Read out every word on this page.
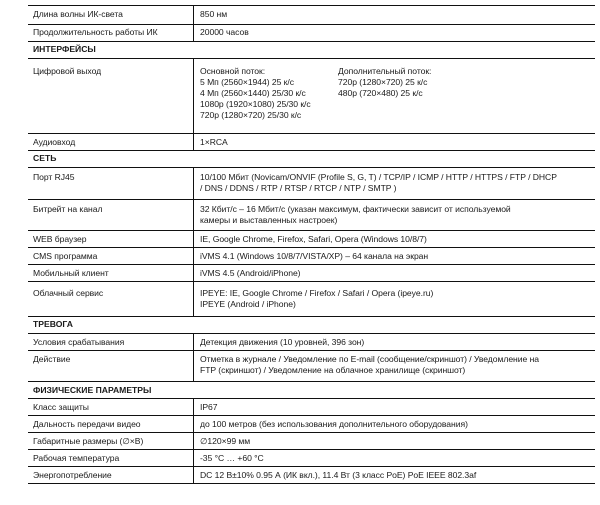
Длина волны ИК-света	850 нм
Продолжительность работы ИК	20000 часов
ИНТЕРФЕЙСЫ
Цифровой выход	Основной поток:
5 Мп (2560×1944) 25 к/с
4 Мп (2560×1440) 25/30 к/с
1080p (1920×1080) 25/30 к/с
720p (1280×720) 25/30 к/с
Дополнительный поток:
720p (1280×720) 25 к/с
480p (720×480) 25 к/с
Аудиовход	1×RCA
СЕТЬ
Порт RJ45	10/100 Мбит (Novicam/ONVIF (Profile S, G, T) / TCP/IP / ICMP / HTTP / HTTPS / FTP / DHCP
/ DNS / DDNS / RTP / RTSP / RTCP / NTP / SMTP )
Битрейт на канал	32 Кбит/с – 16 Мбит/с (указан максимум, фактически зависит от используемой
камеры и выставленных настроек)
WEB браузер	IE, Google Chrome, Firefox, Safari, Opera (Windows 10/8/7)
CMS программа	iVMS 4.1 (Windows 10/8/7/VISTA/XP) – 64 канала на экран
Мобильный клиент	iVMS 4.5 (Android/iPhone)
Облачный сервис	IPEYE: IE, Google Chrome / Firefox / Safari / Opera (ipeye.ru)
IPEYE (Android / iPhone)
ТРЕВОГА
Условия срабатывания	Детекция движения (10 уровней, 396 зон)
Действие	Отметка в журнале / Уведомление по E-mail (сообщение/скриншот) / Уведомление на
FTP (скриншот) / Уведомление на облачное хранилище (скриншот)
ФИЗИЧЕСКИЕ ПАРАМЕТРЫ
Класс защиты	IP67
Дальность передачи видео	до 100 метров (без использования дополнительного оборудования)
Габаритные размеры (∅×В)	∅120×99 мм
Рабочая температура	-35 °C … +60 °C
Энергопотребление	DC 12 В±10% 0.95 А (ИК вкл.), 11.4 Вт (3 класс PoE) PoE IEEE 802.3af
